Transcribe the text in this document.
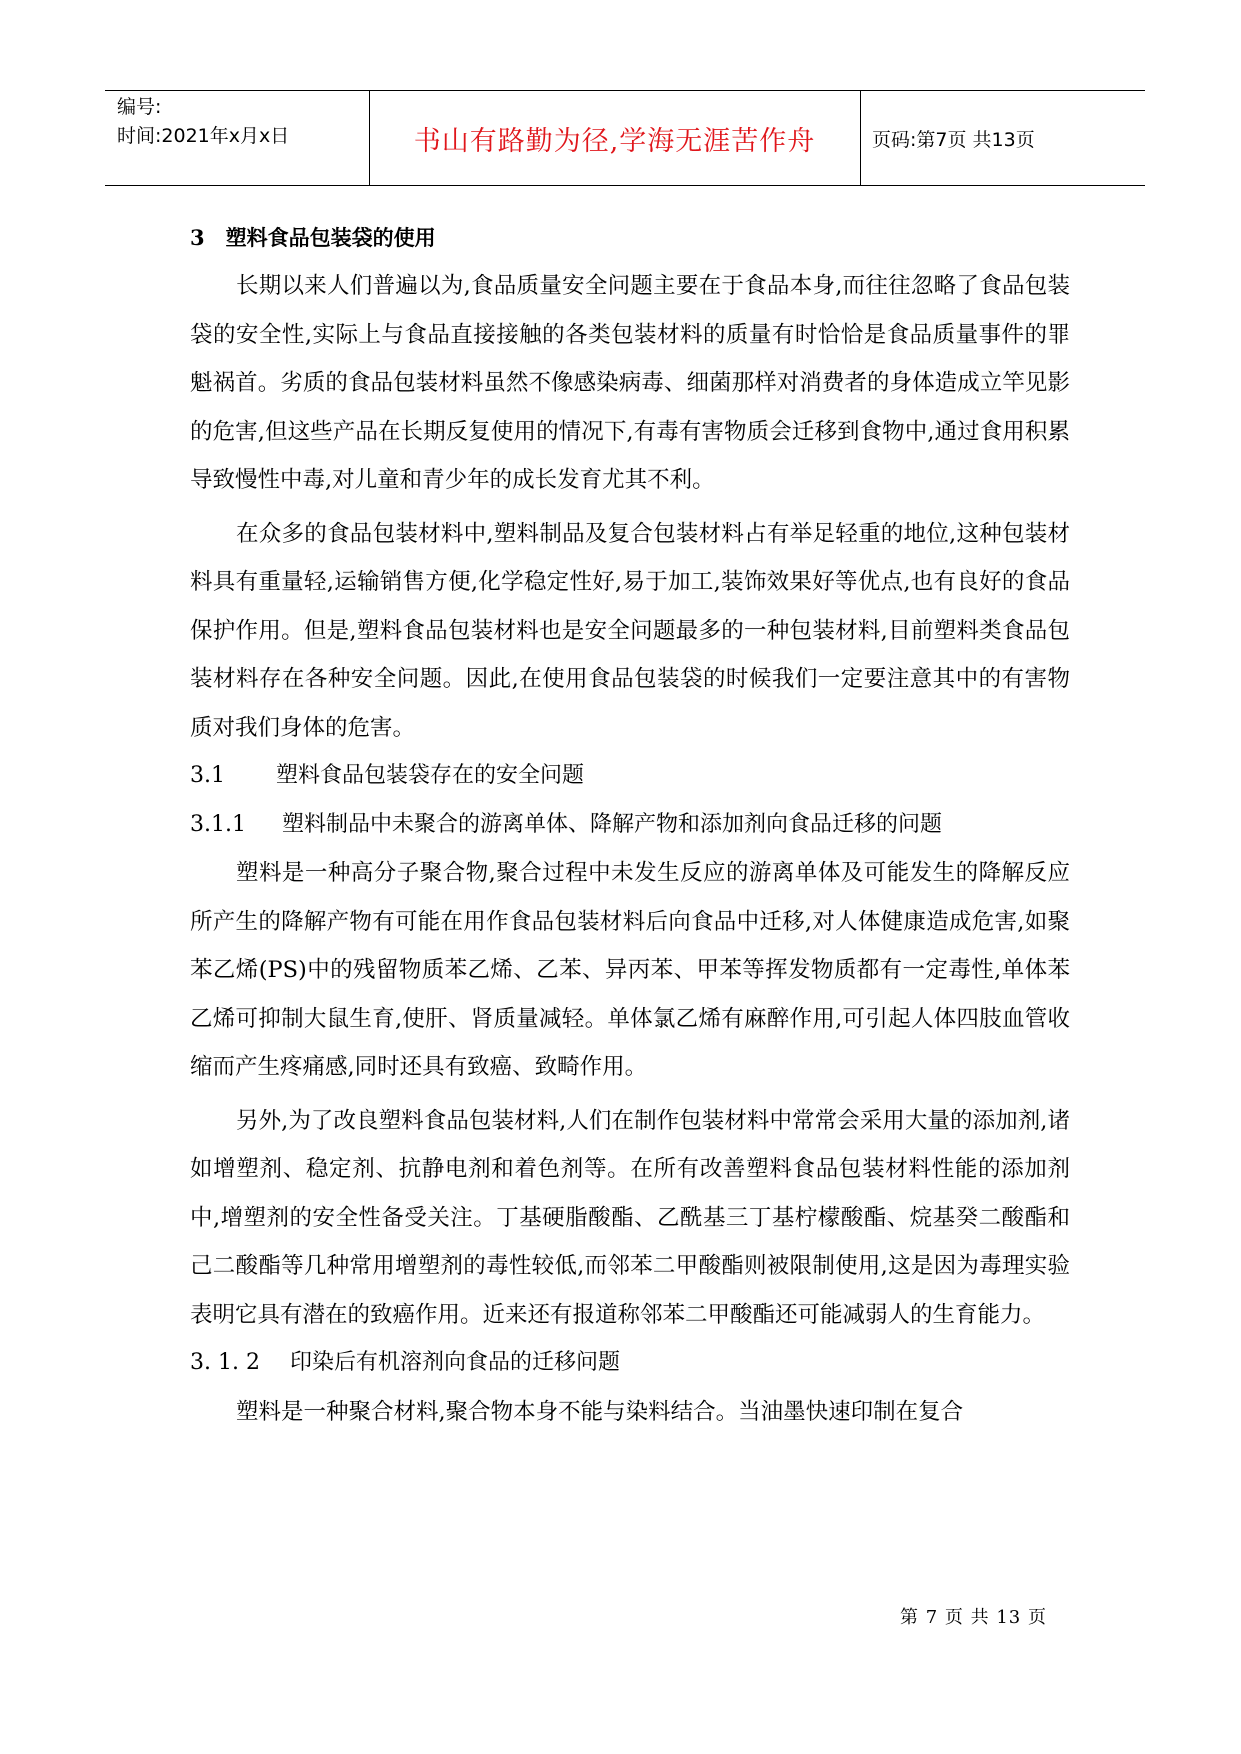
编号:
时间:2021年x月x日	书山有路勤为径,学海无涯苦作舟	页码:第7页 共13页
3　塑料食品包装袋的使用

长期以来人们普遍以为,食品质量安全问题主要在于食品本身,而往往忽略了食品包装袋的安全性,实际上与食品直接接触的各类包装材料的质量有时恰恰是食品质量事件的罪魁祸首。劣质的食品包装材料虽然不像感染病毒、细菌那样对消费者的身体造成立竿见影的危害,但这些产品在长期反复使用的情况下,有毒有害物质会迁移到食物中,通过食用积累导致慢性中毒,对儿童和青少年的成长发育尤其不利。

在众多的食品包装材料中,塑料制品及复合包装材料占有举足轻重的地位,这种包装材料具有重量轻,运输销售方便,化学稳定性好,易于加工,装饰效果好等优点,也有良好的食品保护作用。但是,塑料食品包装材料也是安全问题最多的一种包装材料,目前塑料类食品包装材料存在各种安全问题。因此,在使用食品包装袋的时候我们一定要注意其中的有害物质对我们身体的危害。

3.1 塑料食品包装袋存在的安全问题
3.1.1 塑料制品中未聚合的游离单体、降解产物和添加剂向食品迁移的问题

塑料是一种高分子聚合物,聚合过程中未发生反应的游离单体及可能发生的降解反应所产生的降解产物有可能在用作食品包装材料后向食品中迁移,对人体健康造成危害,如聚苯乙烯(PS)中的残留物质苯乙烯、乙苯、异丙苯、甲苯等挥发物质都有一定毒性,单体苯乙烯可抑制大鼠生育,使肝、肾质量减轻。单体氯乙烯有麻醉作用,可引起人体四肢血管收缩而产生疼痛感,同时还具有致癌、致畸作用。

另外,为了改良塑料食品包装材料,人们在制作包装材料中常常会采用大量的添加剂,诸如增塑剂、稳定剂、抗静电剂和着色剂等。在所有改善塑料食品包装材料性能的添加剂中,增塑剂的安全性备受关注。丁基硬脂酸酯、乙酰基三丁基柠檬酸酯、烷基癸二酸酯和己二酸酯等几种常用增塑剂的毒性较低,而邻苯二甲酸酯则被限制使用,这是因为毒理实验表明它具有潜在的致癌作用。近来还有报道称邻苯二甲酸酯还可能减弱人的生育能力。

3. 1. 2 印染后有机溶剂向食品的迁移问题

塑料是一种聚合材料,聚合物本身不能与染料结合。当油墨快速印制在复合

第 7 页 共 13 页
